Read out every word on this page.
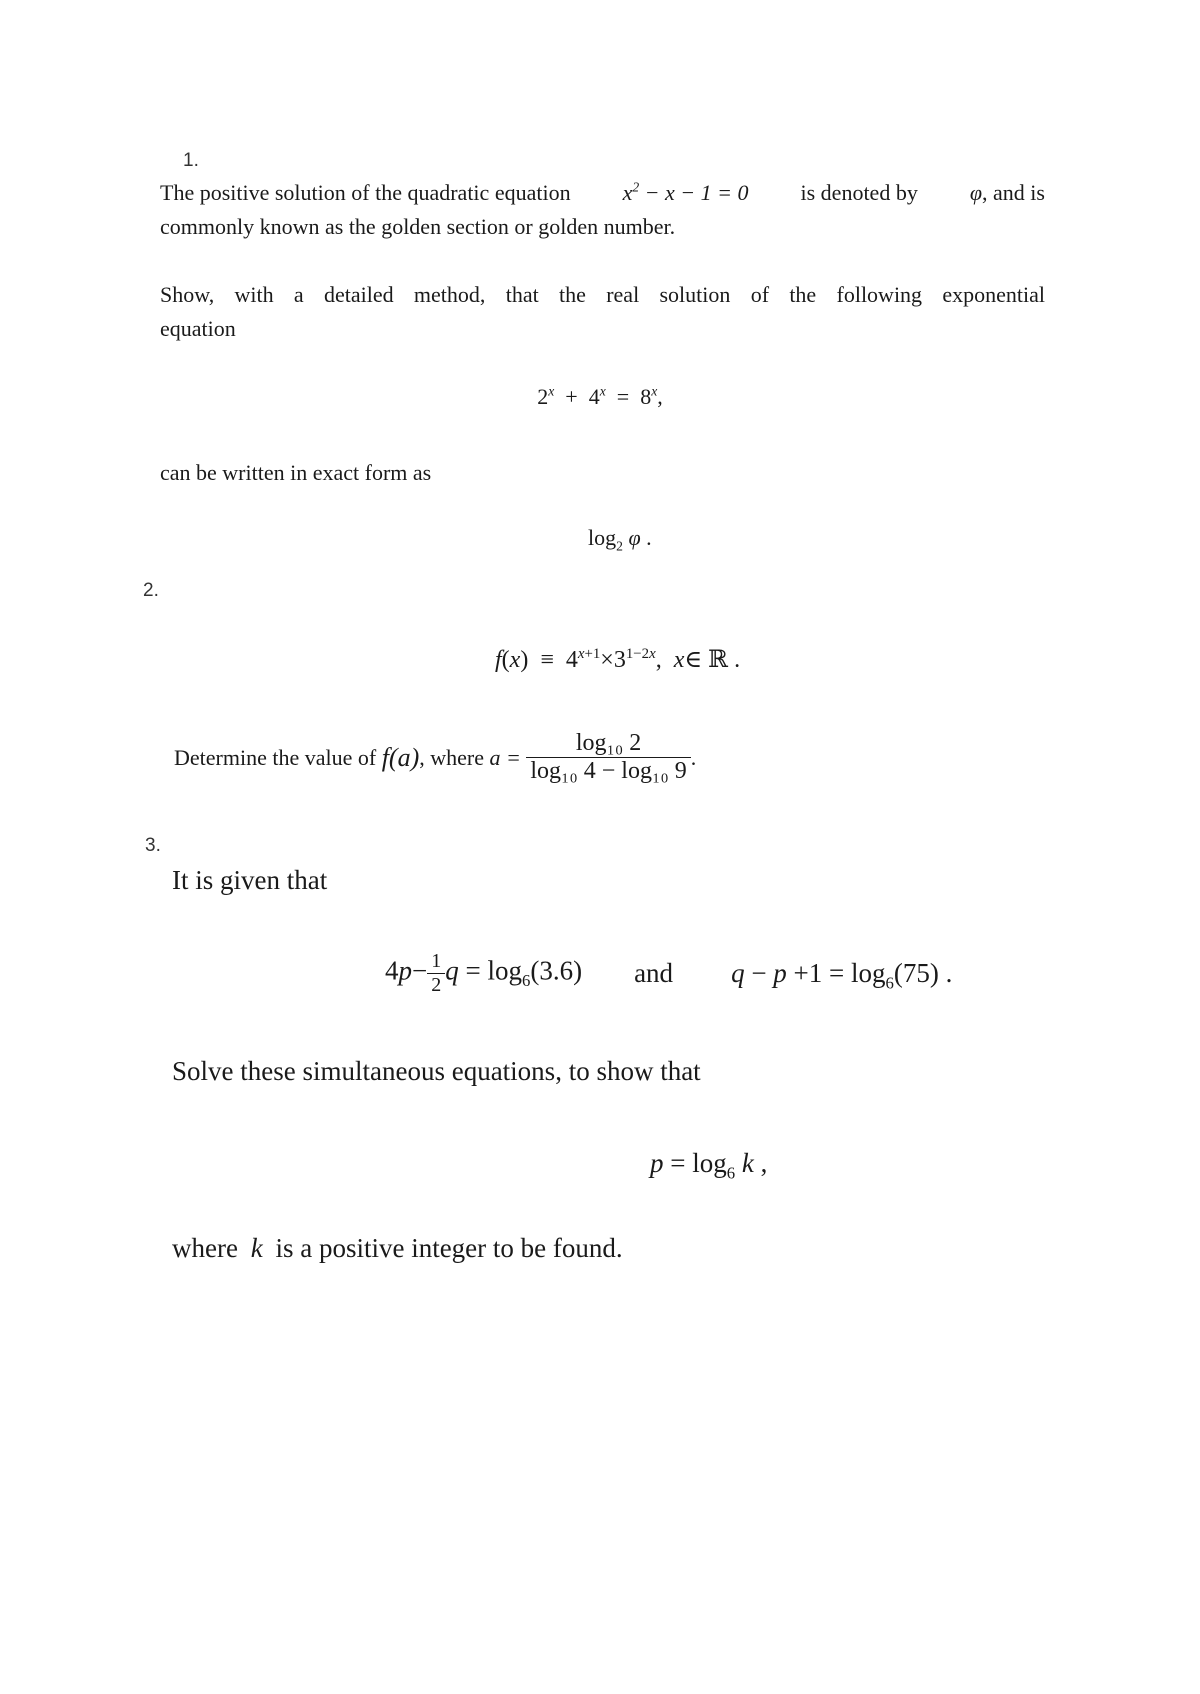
1.
The positive solution of the quadratic equation $x^2 - x - 1 = 0$ is denoted by φ, and is
commonly known as the golden section or golden number.
Show, with a detailed method, that the real solution of the following exponential
equation
2$^x$  +  4$^x$  =  8$^x$,
can be written in exact form as
$\log_2 \varphi$ .
2.
$f(x) \equiv 4^{x+1}\times 3^{1-2x}$,  x∈ ℝ .
Determine the value of
f(a) , where
a =
$\frac{\text{log₁₀ 2}}{\text{log₁₀ 4 − log₁₀ 9}}$ .
3.
It is given that
$4p- \frac{1}{2}$ $q = \log_6(3.6)$ and $q - p +1 = \log_6(75)$ .
Solve these simultaneous equations, to show that
$p = \log_6 k$ ,
where k is a positive integer to be found.
